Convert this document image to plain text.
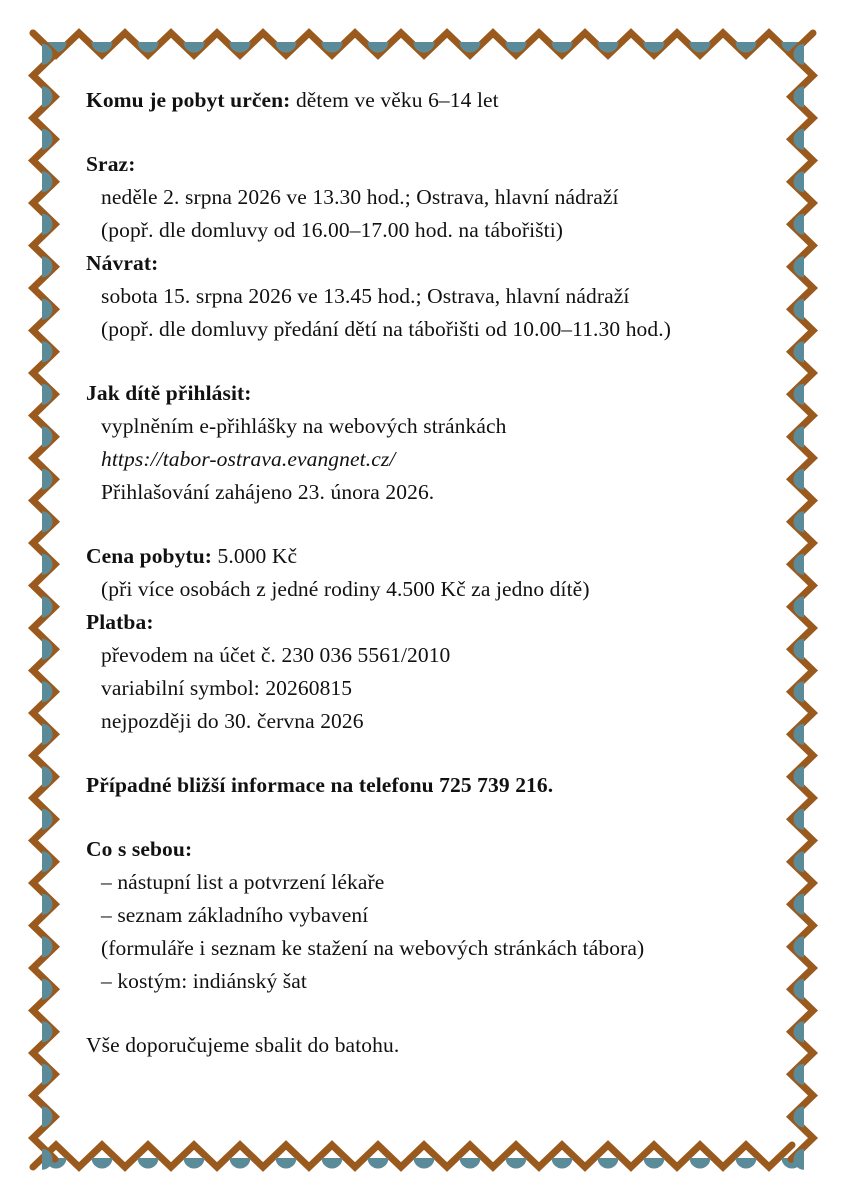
Komu je pobyt určen: dětem ve věku 6–14 let
Sraz:
neděle 2. srpna 2026 ve 13.30 hod.; Ostrava, hlavní nádraží
(popř. dle domluvy od 16.00–17.00 hod. na tábořišti)
Návrat:
sobota 15. srpna 2026 ve 13.45 hod.; Ostrava, hlavní nádraží
(popř. dle domluvy předání dětí na tábořišti od 10.00–11.30 hod.)
Jak dítě přihlásit:
vyplněním e-přihlášky na webových stránkách
https://tabor-ostrava.evangnet.cz/
Přihlašování zahájeno 23. února 2026.
Cena pobytu: 5.000 Kč
(při více osobách z jedné rodiny 4.500 Kč za jedno dítě)
Platba:
převodem na účet č. 230 036 5561/2010
variabilní symbol: 20260815
nejpozději do 30. června 2026
Případné bližší informace na telefonu 725 739 216.
Co s sebou:
– nástupní list a potvrzení lékaře
– seznam základního vybavení
(formuláře i seznam ke stažení na webových stránkách tábora)
– kostým: indiánský šat
Vše doporučujeme sbalit do batohu.
